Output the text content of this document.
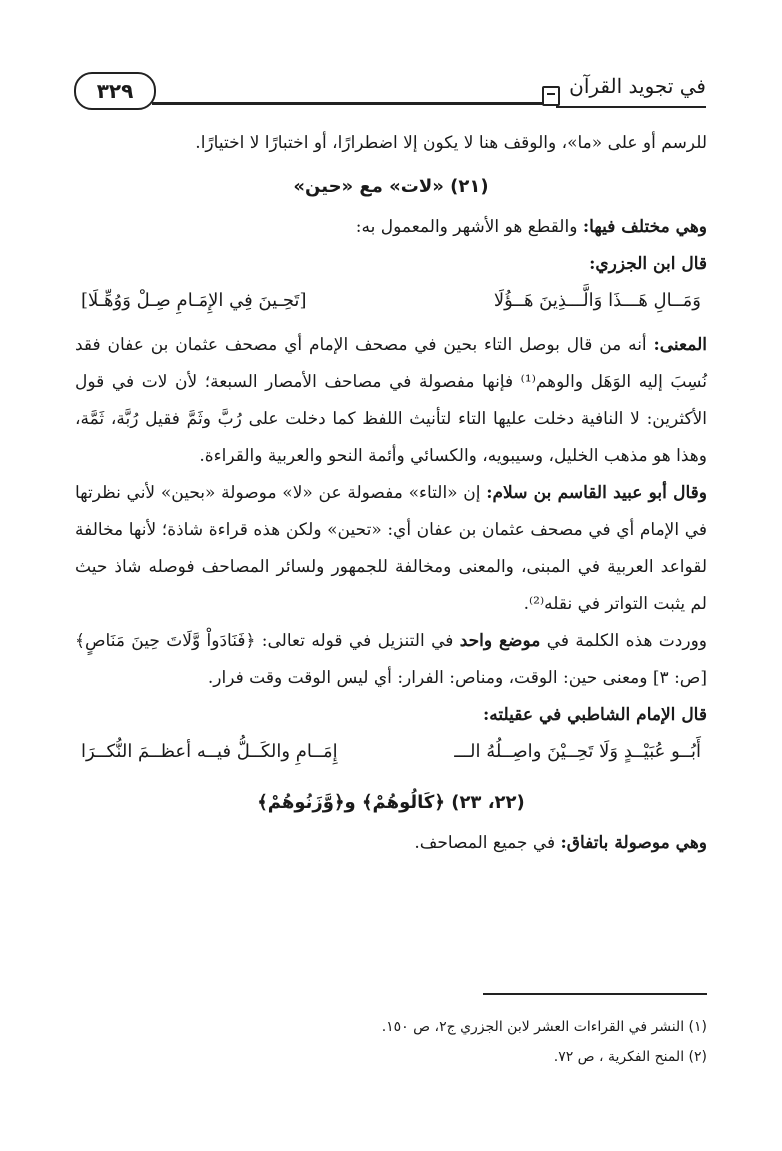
٣٢٩	في تجويد القرآن

للرسم أو على «ما»، والوقف هنا لا يكون إلا اضطرارًا، أو اختبارًا لا اختيارًا.

(٢١) «لات» مع «حين»

وهي مختلف فيها: والقطع هو الأشهر والمعمول به:

قال ابن الجزري:

وَمَــالِ هَـــذَا وَالَّـــذِينَ هَــؤُلَا
[تَحِـينَ فِي الإِمَـامِ صِـلْ وَوُهِّـلَا]

المعنى: أنه من قال بوصل التاء بحين في مصحف الإمام أي مصحف عثمان بن عفان فقد نُسِبَ إليه الوَهَل والوهم⁽¹⁾ فإنها مفصولة في مصاحف الأمصار السبعة؛ لأن لات في قول الأكثرين: لا النافية دخلت عليها التاء لتأنيث اللفظ كما دخلت على رُبَّ وثَمَّ فقيل رُبَّة، ثَمَّة، وهذا هو مذهب الخليل، وسيبويه، والكسائي وأئمة النحو والعربية والقراءة.

وقال أبو عبيد القاسم بن سلام: إن «التاء» مفصولة عن «لا» موصولة «بحين» لأني نظرتها في الإمام أي في مصحف عثمان بن عفان أي: «تحين» ولكن هذه قراءة شاذة؛ لأنها مخالفة لقواعد العربية في المبنى، والمعنى ومخالفة للجمهور ولسائر المصاحف فوصله شاذ حيث لم يثبت التواتر في نقله⁽²⁾.

ووردت هذه الكلمة في موضع واحد في التنزيل في قوله تعالى: ﴿فَنَادَواْ وَّلَاتَ حِينَ مَنَاصٍ﴾ [ص: ٣] ومعنى حين: الوقت، ومناص: الفرار: أي ليس الوقت وقت فرار.

قال الإمام الشاطبي في عقيلته:

أَبُــو عُبَيْــدٍ وَلَا تَحِــيْنَ واصِــلُهُ الـــ
إِمَــامِ والكَــلُّ فيــه أعظــمَ النُّكــرَا

(٢٢، ٢٣) ﴿كَالُوهُمْ﴾ و﴿وَّزَنُوهُمْ﴾

وهي موصولة باتفاق: في جميع المصاحف.

(١) النشر في القراءات العشر لابن الجزري ج٢، ص ١٥٠.

(٢) المنح الفكرية ، ص ٧٢.
